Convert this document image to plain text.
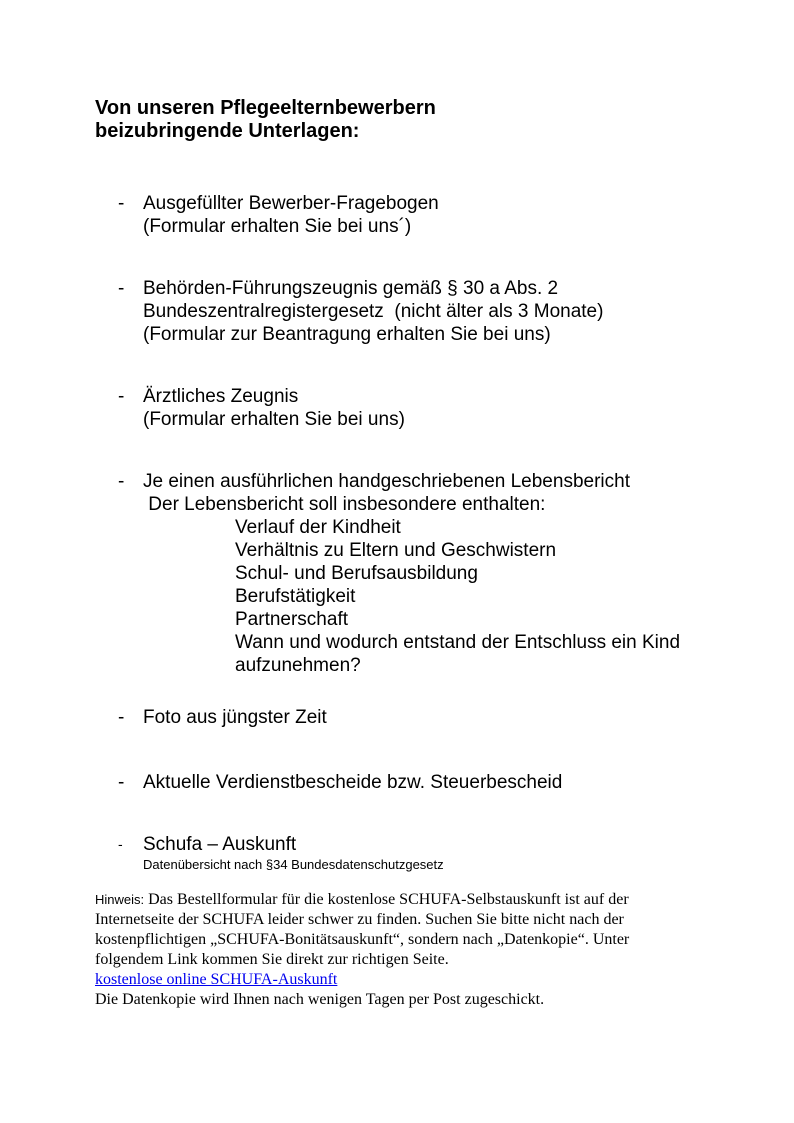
Von unseren Pflegeelternbewerbern
beizubringende Unterlagen:
- Ausgefüllter Bewerber-Fragebogen
(Formular erhalten Sie bei uns´)
- Behörden-Führungszeugnis gemäß § 30 a Abs. 2
Bundeszentralregistergesetz  (nicht älter als 3 Monate)
(Formular zur Beantragung erhalten Sie bei uns)
- Ärztliches Zeugnis
(Formular erhalten Sie bei uns)
- Je einen ausführlichen handgeschriebenen Lebensbericht
Der Lebensbericht soll insbesondere enthalten:
Verlauf der Kindheit
Verhältnis zu Eltern und Geschwistern
Schul- und Berufsausbildung
Berufstätigkeit
Partnerschaft
Wann und wodurch entstand der Entschluss ein Kind
aufzunehmen?
- Foto aus jüngster Zeit
- Aktuelle Verdienstbescheide bzw. Steuerbescheid
- Schufa – Auskunft
Datenübersicht nach §34 Bundesdatenschutzgesetz
Hinweis: Das Bestellformular für die kostenlose SCHUFA-Selbstauskunft ist auf der
Internetseite der SCHUFA leider schwer zu finden. Suchen Sie bitte nicht nach der
kostenpflichtigen „SCHUFA-Bonitätsauskunft“, sondern nach „Datenkopie“. Unter
folgendem Link kommen Sie direkt zur richtigen Seite.
kostenlose online SCHUFA-Auskunft
Die Datenkopie wird Ihnen nach wenigen Tagen per Post zugeschickt.
